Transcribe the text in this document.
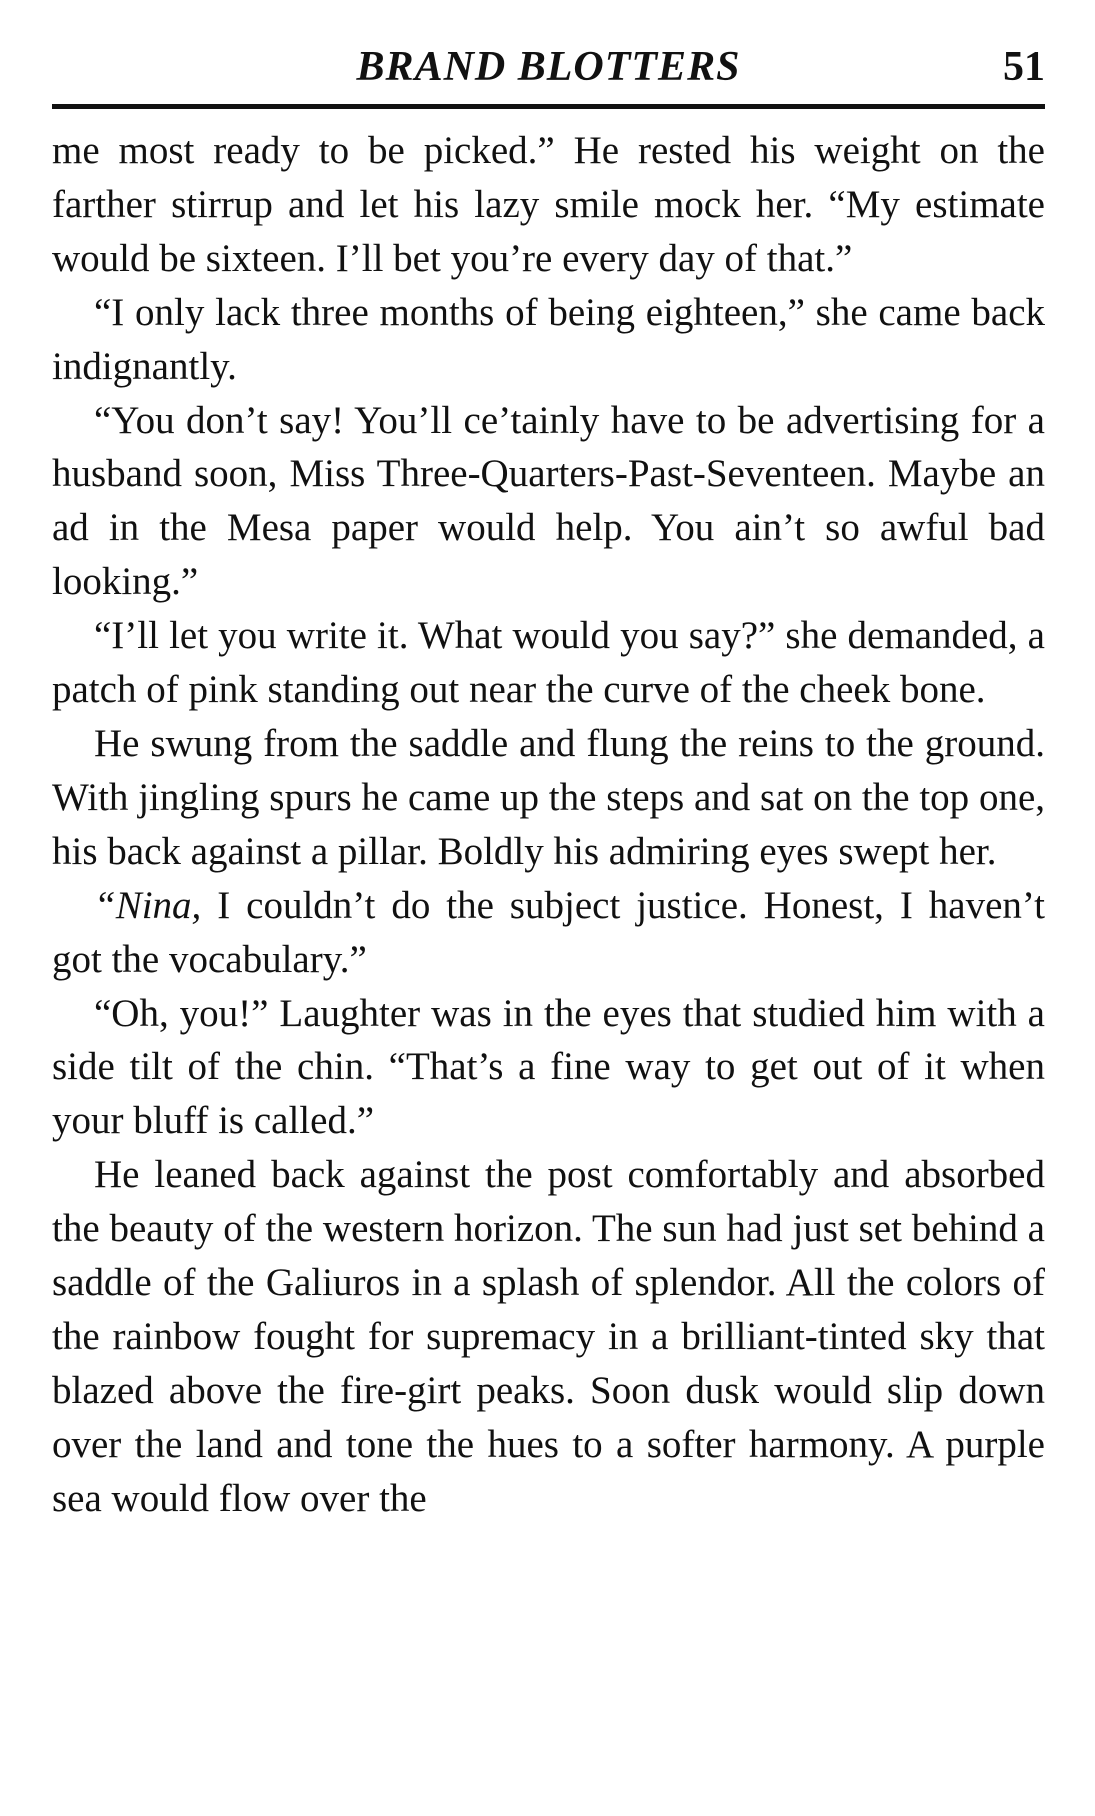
BRAND BLOTTERS	51

me most ready to be picked.” He rested his weight on the farther stirrup and let his lazy smile mock her. “My estimate would be sixteen. I’ll bet you’re every day of that.”

“I only lack three months of being eighteen,” she came back indignantly.

“You don’t say! You’ll ce’tainly have to be advertising for a husband soon, Miss Three-Quarters-Past-Seventeen. Maybe an ad in the Mesa paper would help. You ain’t so awful bad looking.”

“I’ll let you write it. What would you say?” she demanded, a patch of pink standing out near the curve of the cheek bone.

He swung from the saddle and flung the reins to the ground. With jingling spurs he came up the steps and sat on the top one, his back against a pillar. Boldly his admiring eyes swept her.

“Nina, I couldn’t do the subject justice. Honest, I haven’t got the vocabulary.”

“Oh, you!” Laughter was in the eyes that studied him with a side tilt of the chin. “That’s a fine way to get out of it when your bluff is called.”

He leaned back against the post comfortably and absorbed the beauty of the western horizon. The sun had just set behind a saddle of the Galiuros in a splash of splendor. All the colors of the rainbow fought for supremacy in a brilliant-tinted sky that blazed above the fire-girt peaks. Soon dusk would slip down over the land and tone the hues to a softer harmony. A purple sea would flow over the
